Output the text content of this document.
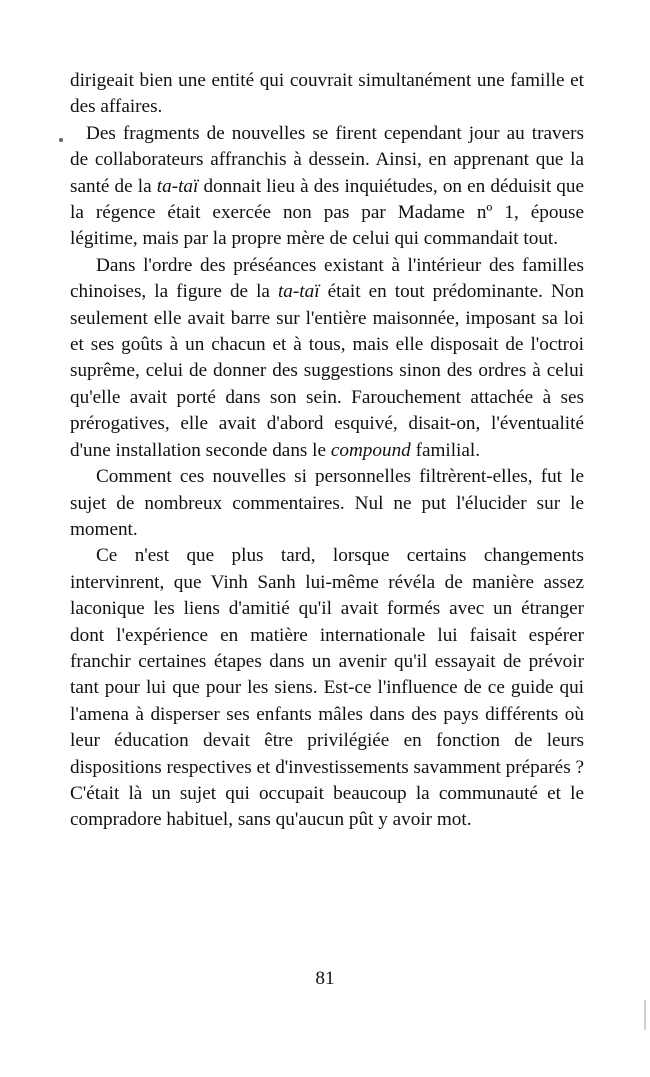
dirigeait bien une entité qui couvrait simultanément une famille et des affaires.

Des fragments de nouvelles se firent cependant jour au travers de collaborateurs affranchis à dessein. Ainsi, en apprenant que la santé de la ta-taï donnait lieu à des inquiétudes, on en déduisit que la régence était exercée non pas par Madame nº 1, épouse légitime, mais par la propre mère de celui qui commandait tout.

Dans l'ordre des préséances existant à l'intérieur des familles chinoises, la figure de la ta-taï était en tout prédominante. Non seulement elle avait barre sur l'entière maisonnée, imposant sa loi et ses goûts à un chacun et à tous, mais elle disposait de l'octroi suprême, celui de donner des suggestions sinon des ordres à celui qu'elle avait porté dans son sein. Farouchement attachée à ses prérogatives, elle avait d'abord esquivé, disait-on, l'éventualité d'une installation seconde dans le compound familial.

Comment ces nouvelles si personnelles filtrèrent-elles, fut le sujet de nombreux commentaires. Nul ne put l'élucider sur le moment.

Ce n'est que plus tard, lorsque certains changements intervinrent, que Vinh Sanh lui-même révéla de manière assez laconique les liens d'amitié qu'il avait formés avec un étranger dont l'expérience en matière internationale lui faisait espérer franchir certaines étapes dans un avenir qu'il essayait de prévoir tant pour lui que pour les siens. Est-ce l'influence de ce guide qui l'amena à disperser ses enfants mâles dans des pays différents où leur éducation devait être privilégiée en fonction de leurs dispositions respectives et d'investissements savamment préparés ? C'était là un sujet qui occupait beaucoup la communauté et le compradore habituel, sans qu'aucun pût y avoir mot.

81
